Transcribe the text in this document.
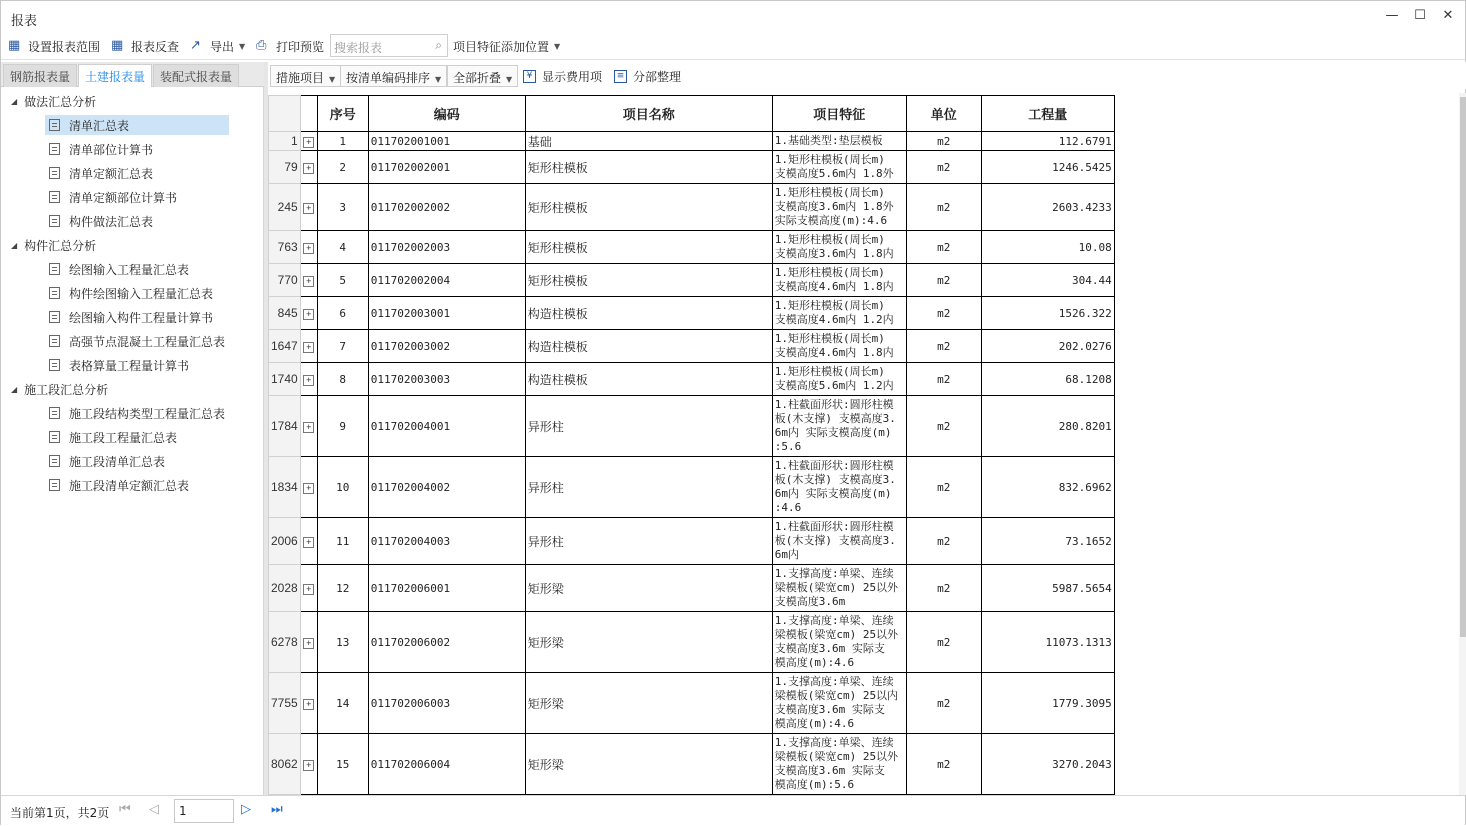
报表	—	☐	✕
▦ 设置报表范围 ▦ 报表反查 ↗ 导出 ▼ ⎙ 打印预览	项目特征添加位置 ▼
搜索报表	⌕
钢筋报表量	土建报表量	装配式报表量
◢ 做法汇总分析
清单汇总表
清单部位计算书
清单定额汇总表
清单定额部位计算书
构件做法汇总表
◢ 构件汇总分析
绘图输入工程量汇总表
构件绘图输入工程量汇总表
绘图输入构件工程量计算书
高强节点混凝土工程量汇总表
表格算量工程量计算书
◢ 施工段汇总分析
施工段结构类型工程量汇总表
施工段工程量汇总表
施工段清单汇总表
施工段清单定额汇总表
措施项目 ▼ 按清单编码排序 ▼ 全部折叠 ▼	¥ 显示费用项	≡ 分部整理
		序号	编码	项目名称	项目特征	单位	工程量
1	+	1	011702001001	基础	1.基础类型:垫层模板	m2	112.6791
79	+	2	011702002001	矩形柱模板	1.矩形柱模板(周长m)
支模高度5.6m内 1.8外	m2	1246.5425
245	+	3	011702002002	矩形柱模板	1.矩形柱模板(周长m)
支模高度3.6m内 1.8外
实际支模高度(m):4.6	m2	2603.4233
763	+	4	011702002003	矩形柱模板	1.矩形柱模板(周长m)
支模高度3.6m内 1.8内	m2	10.08
770	+	5	011702002004	矩形柱模板	1.矩形柱模板(周长m)
支模高度4.6m内 1.8内	m2	304.44
845	+	6	011702003001	构造柱模板	1.矩形柱模板(周长m)
支模高度4.6m内 1.2内	m2	1526.322
1647	+	7	011702003002	构造柱模板	1.矩形柱模板(周长m)
支模高度4.6m内 1.8内	m2	202.0276
1740	+	8	011702003003	构造柱模板	1.矩形柱模板(周长m)
支模高度5.6m内 1.2内	m2	68.1208
1784	+	9	011702004001	异形柱	1.柱截面形状:圆形柱模
板(木支撑) 支模高度3.
6m内 实际支模高度(m)
:5.6	m2	280.8201
1834	+	10	011702004002	异形柱	1.柱截面形状:圆形柱模
板(木支撑) 支模高度3.
6m内 实际支模高度(m)
:4.6	m2	832.6962
2006	+	11	011702004003	异形柱	1.柱截面形状:圆形柱模
板(木支撑) 支模高度3.
6m内	m2	73.1652
2028	+	12	011702006001	矩形梁	1.支撑高度:单梁、连续
梁模板(梁宽cm) 25以外
支模高度3.6m	m2	5987.5654
6278	+	13	011702006002	矩形梁	1.支撑高度:单梁、连续
梁模板(梁宽cm) 25以外
支模高度3.6m 实际支
模高度(m):4.6	m2	11073.1313
7755	+	14	011702006003	矩形梁	1.支撑高度:单梁、连续
梁模板(梁宽cm) 25以内
支模高度3.6m 实际支
模高度(m):4.6	m2	1779.3095
8062	+	15	011702006004	矩形梁	1.支撑高度:单梁、连续
梁模板(梁宽cm) 25以外
支模高度3.6m 实际支
模高度(m):5.6	m2	3270.2043
当前第1页，共2页 ⏮ ◁	1	▷ ⏭
